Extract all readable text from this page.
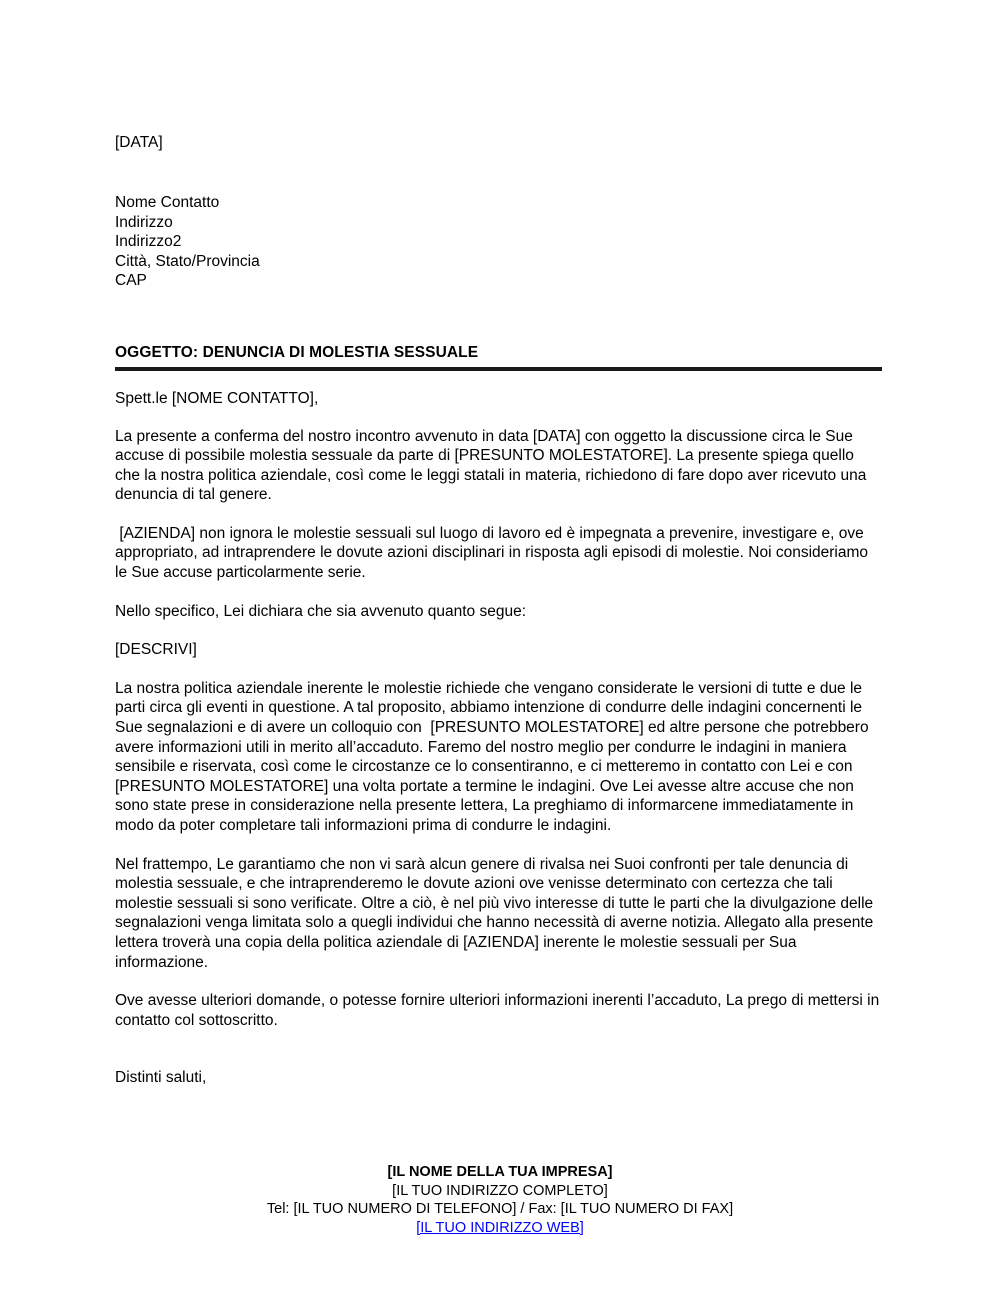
[DATA]
Nome Contatto
Indirizzo
Indirizzo2
Città, Stato/Provincia
CAP
OGGETTO: DENUNCIA DI MOLESTIA SESSUALE
Spett.le [NOME CONTATTO],

La presente a conferma del nostro incontro avvenuto in data [DATA] con oggetto la discussione circa le Sue accuse di possibile molestia sessuale da parte di [PRESUNTO MOLESTATORE]. La presente spiega quello che la nostra politica aziendale, così come le leggi statali in materia, richiedono di fare dopo aver ricevuto una denuncia di tal genere.

[AZIENDA] non ignora le molestie sessuali sul luogo di lavoro ed è impegnata a prevenire, investigare e, ove appropriato, ad intraprendere le dovute azioni disciplinari in risposta agli episodi di molestie. Noi consideriamo le Sue accuse particolarmente serie.

Nello specifico, Lei dichiara che sia avvenuto quanto segue:

[DESCRIVI]

La nostra politica aziendale inerente le molestie richiede che vengano considerate le versioni di tutte e due le parti circa gli eventi in questione. A tal proposito, abbiamo intenzione di condurre delle indagini concernenti le Sue segnalazioni e di avere un colloquio con  [PRESUNTO MOLESTATORE] ed altre persone che potrebbero avere informazioni utili in merito all’accaduto. Faremo del nostro meglio per condurre le indagini in maniera sensibile e riservata, così come le circostanze ce lo consentiranno, e ci metteremo in contatto con Lei e con [PRESUNTO MOLESTATORE] una volta portate a termine le indagini. Ove Lei avesse altre accuse che non sono state prese in considerazione nella presente lettera, La preghiamo di informarcene immediatamente in modo da poter completare tali informazioni prima di condurre le indagini.

Nel frattempo, Le garantiamo che non vi sarà alcun genere di rivalsa nei Suoi confronti per tale denuncia di molestia sessuale, e che intraprenderemo le dovute azioni ove venisse determinato con certezza che tali molestie sessuali si sono verificate. Oltre a ciò, è nel più vivo interesse di tutte le parti che la divulgazione delle segnalazioni venga limitata solo a quegli individui che hanno necessità di averne notizia. Allegato alla presente lettera troverà una copia della politica aziendale di [AZIENDA] inerente le molestie sessuali per Sua informazione.

Ove avesse ulteriori domande, o potesse fornire ulteriori informazioni inerenti l’accaduto, La prego di mettersi in contatto col sottoscritto.

Distinti saluti,
[IL NOME DELLA TUA IMPRESA]
[IL TUO INDIRIZZO COMPLETO]
Tel: [IL TUO NUMERO DI TELEFONO] / Fax: [IL TUO NUMERO DI FAX]
[IL TUO INDIRIZZO WEB]
